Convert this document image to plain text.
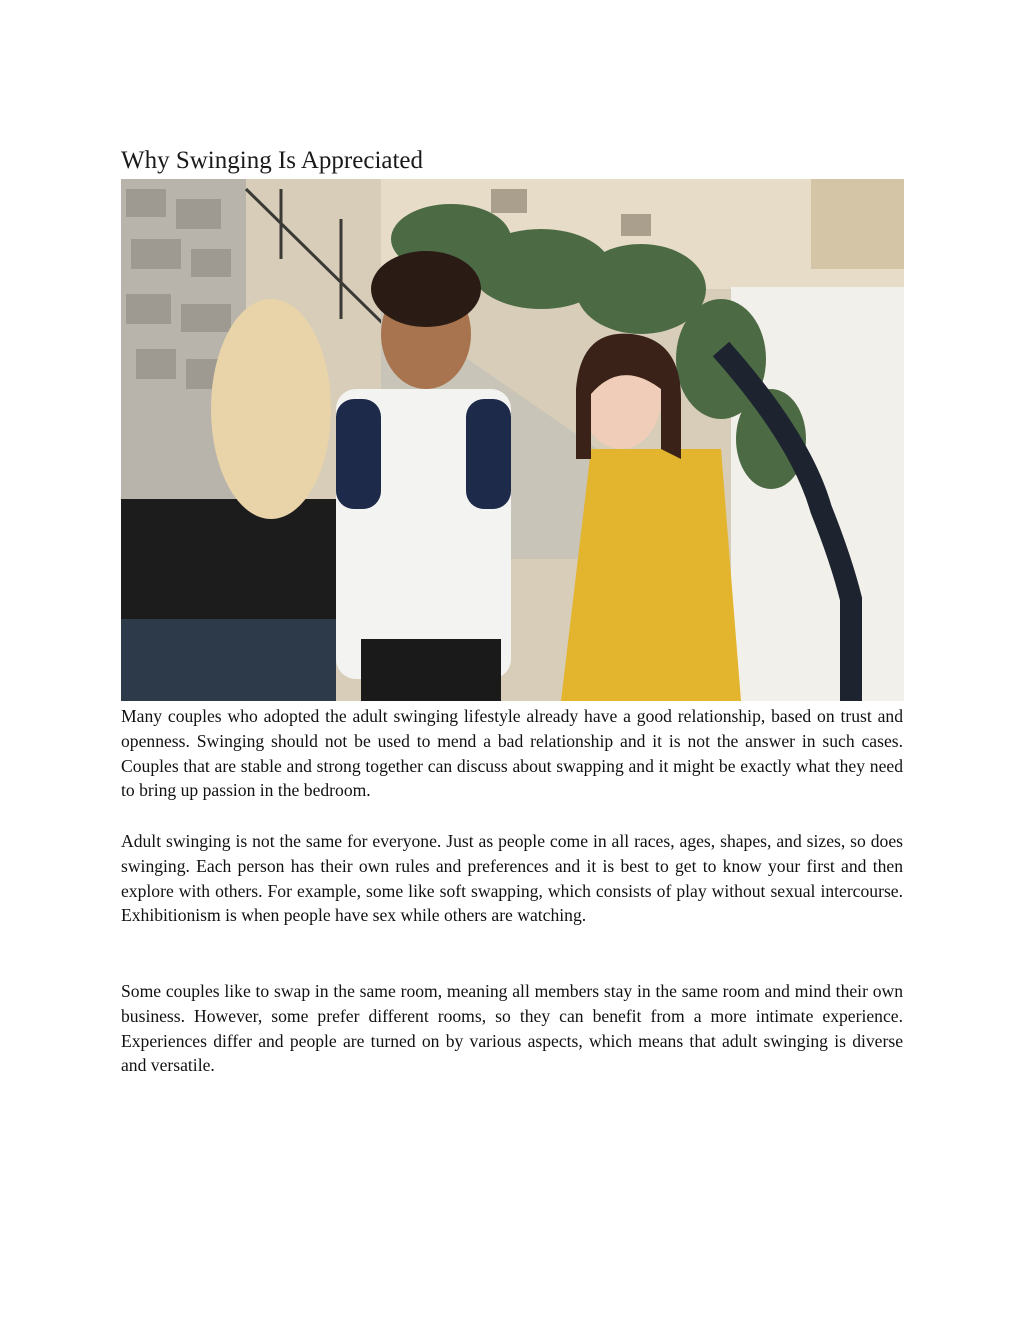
Why Swinging Is Appreciated

Many couples who adopted the adult swinging lifestyle already have a good relationship, based on trust and openness. Swinging should not be used to mend a bad relationship and it is not the answer in such cases. Couples that are stable and strong together can discuss about swapping and it might be exactly what they need to bring up passion in the bedroom.

Adult swinging is not the same for everyone. Just as people come in all races, ages, shapes, and sizes, so does swinging. Each person has their own rules and preferences and it is best to get to know your first and then explore with others. For example, some like soft swapping, which consists of play without sexual intercourse. Exhibitionism is when people have sex while others are watching.

Some couples like to swap in the same room, meaning all members stay in the same room and mind their own business. However, some prefer different rooms, so they can benefit from a more intimate experience. Experiences differ and people are turned on by various aspects, which means that adult swinging is diverse and versatile.
